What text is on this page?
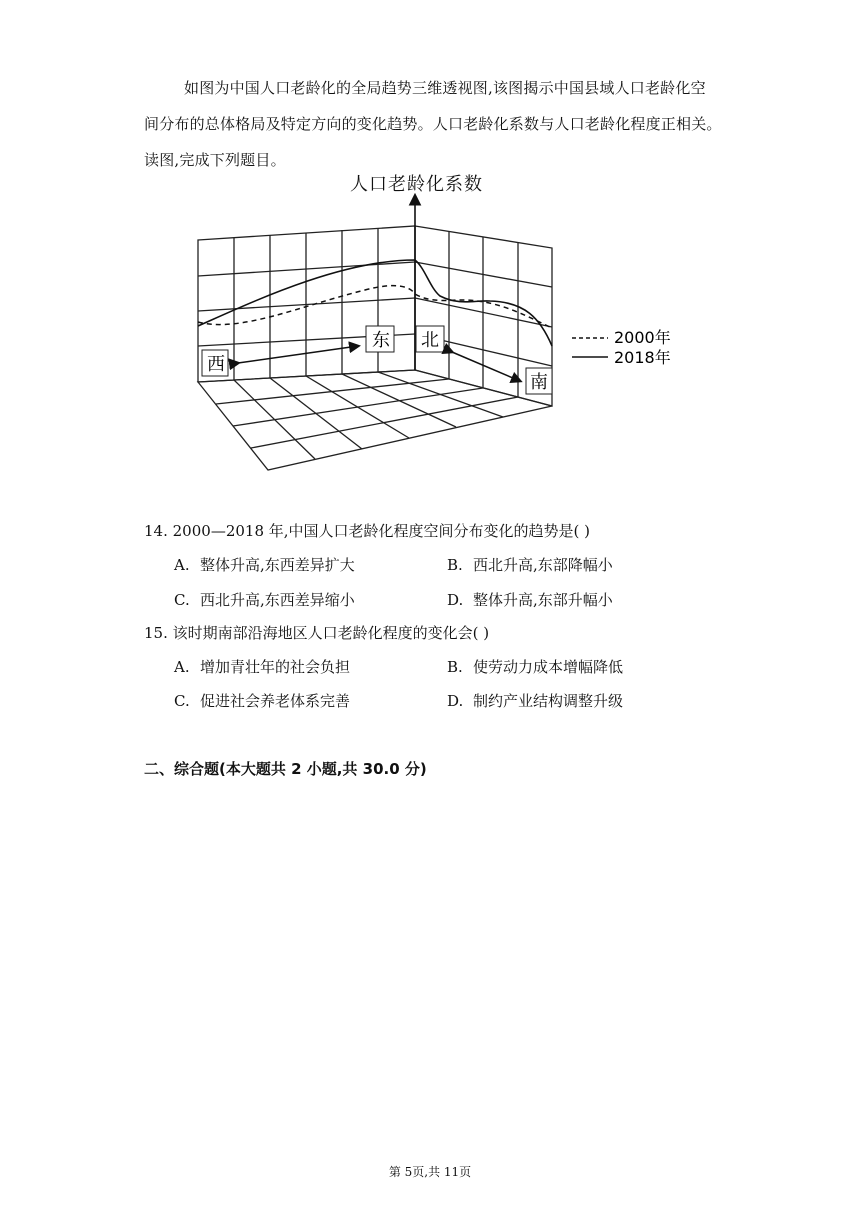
如图为中国人口老龄化的全局趋势三维透视图,该图揭示中国县域人口老龄化空

间分布的总体格局及特定方向的变化趋势。人口老龄化系数与人口老龄化程度正相关。

读图,完成下列题目。

人口老龄化系数
西
东 北
南
2000年
2018年
14. 2000—2018 年,中国人口老龄化程度空间分布变化的趋势是( )
A. 整体升高,东西差异扩大	B. 西北升高,东部降幅小
C. 西北升高,东西差异缩小	D. 整体升高,东部升幅小
15. 该时期南部沿海地区人口老龄化程度的变化会( )
A. 增加青壮年的社会负担	B. 使劳动力成本增幅降低
C. 促进社会养老体系完善	D. 制约产业结构调整升级
二、综合题(本大题共 2 小题,共 30.0 分)
第 5页,共 11页
